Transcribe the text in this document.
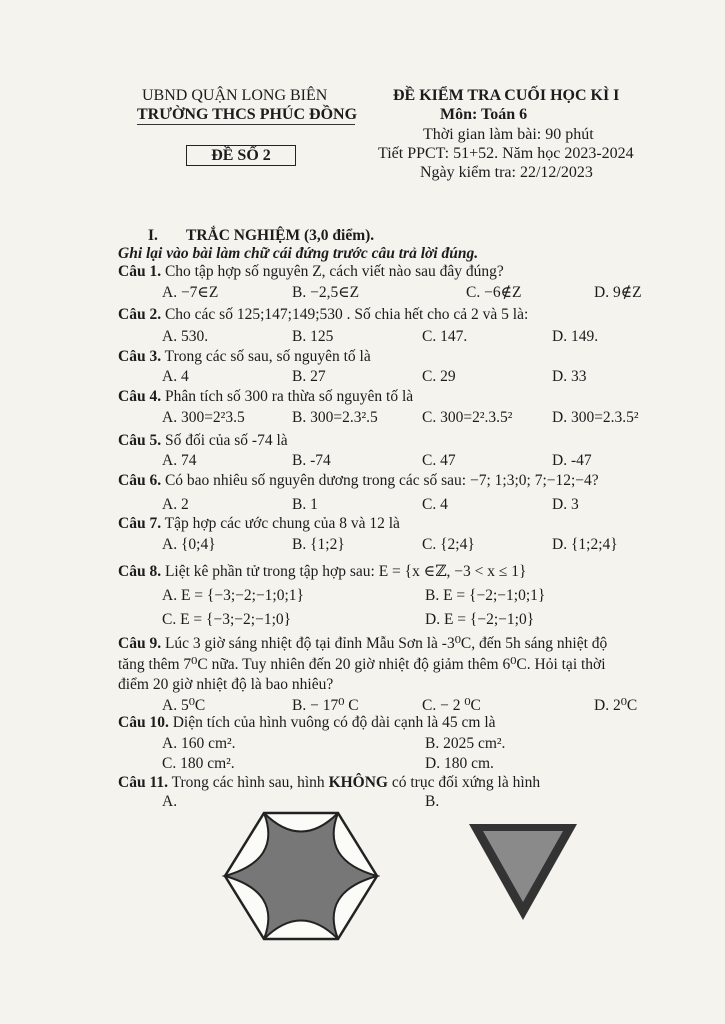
UBND QUẬN LONG BIÊN
TRƯỜNG THCS PHÚC ĐỒNG
ĐỀ SỐ 2
ĐỀ KIỂM TRA CUỐI HỌC KÌ I
Môn: Toán 6
Thời gian làm bài: 90 phút
Tiết PPCT: 51+52. Năm học 2023-2024
Ngày kiểm tra: 22/12/2023
I. TRẮC NGHIỆM (3,0 điểm).
Ghi lại vào bài làm chữ cái đứng trước câu trả lời đúng.
Câu 1. Cho tập hợp số nguyên Z, cách viết nào sau đây đúng?
A. −7∈Z	B. −2,5∈Z	C. −6∉Z	D. 9∉Z
Câu 2. Cho các số 125;147;149;530 . Số chia hết cho cả 2 và 5 là:
A. 530.	B. 125	C. 147.	D. 149.
Câu 3. Trong các số sau, số nguyên tố là
A. 4	B. 27	C. 29	D. 33
Câu 4. Phân tích số 300 ra thừa số nguyên tố là
A. 300=2²3.5	B. 300=2.3².5	C. 300=2².3.5²	D. 300=2.3.5²
Câu 5. Số đối của số -74 là
A. 74	B. -74	C. 47	D. -47
Câu 6. Có bao nhiêu số nguyên dương trong các số sau: −7; 1;3;0; 7;−12;−4?
A. 2	B. 1	C. 4	D. 3
Câu 7. Tập hợp các ước chung của 8 và 12 là
A. {0;4}	B. {1;2}	C. {2;4}	D. {1;2;4}
Câu 8. Liệt kê phần tử trong tập hợp sau: E = {x ∈ℤ, −3 < x ≤ 1}
A. E = {−3;−2;−1;0;1}	B. E = {−2;−1;0;1}
C. E = {−3;−2;−1;0}	D. E = {−2;−1;0}
Câu 9. Lúc 3 giờ sáng nhiệt độ tại đỉnh Mẫu Sơn là -3⁰C, đến 5h sáng nhiệt độ
tăng thêm 7⁰C nữa. Tuy nhiên đến 20 giờ nhiệt độ giảm thêm 6⁰C. Hỏi tại thời
điểm 20 giờ nhiệt độ là bao nhiêu?
A. 5⁰C	B. − 17⁰ C	C. − 2 ⁰C	D. 2⁰C
Câu 10. Diện tích của hình vuông có độ dài cạnh là 45 cm là
A. 160 cm².	B. 2025 cm².
C. 180 cm².	D. 180 cm.
Câu 11. Trong các hình sau, hình KHÔNG có trục đối xứng là hình
A.	B.
